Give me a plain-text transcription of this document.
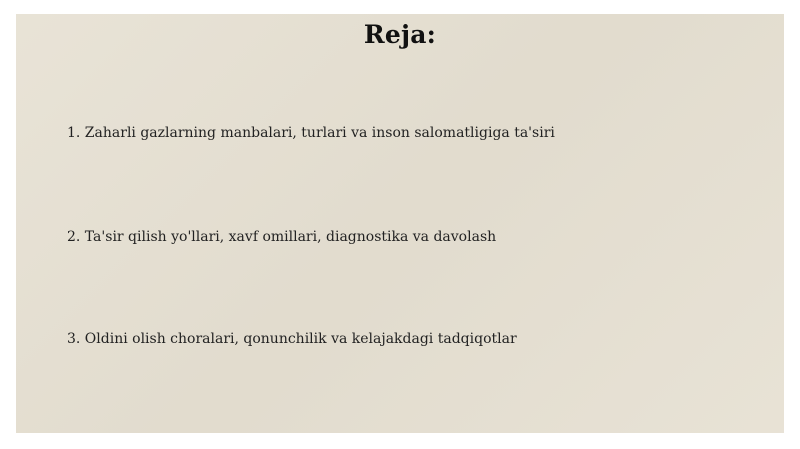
Reja:
1. Zaharli gazlarning manbalari, turlari va inson salomatligiga ta'siri
2. Ta'sir qilish yo'llari, xavf omillari, diagnostika va davolash
3. Oldini olish choralari, qonunchilik va kelajakdagi tadqiqotlar
